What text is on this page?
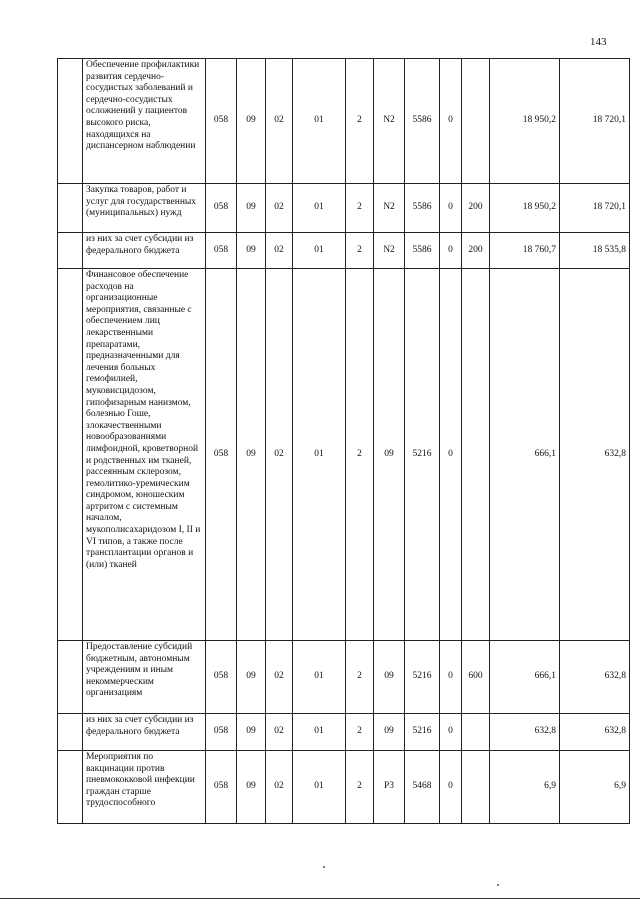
143
	Обеспечение профилактики развития сердечно-сосудистых заболеваний и сердечно-сосудистых осложнений у пациентов высокого риска, находящихся на диспансерном наблюдении	058	09	02	01	2	N2	5586	0		18 950,2	18 720,1
	Закупка товаров, работ и услуг для государственных (муниципальных) нужд	058	09	02	01	2	N2	5586	0	200	18 950,2	18 720,1
	из них за счет субсидии из федерального бюджета	058	09	02	01	2	N2	5586	0	200	18 760,7	18 535,8
	Финансовое обеспечение расходов на организационные мероприятия, связанные с обеспечением лиц лекарственными препаратами, предназначенными для лечения больных гемофилией, муковисцидозом, гипофизарным нанизмом, болезнью Гоше, злокачественными новообразованиями лимфоидной, кроветворной и родственных им тканей, рассеянным склерозом, гемолитико-уремическим синдромом, юношеским артритом с системным началом, мукополисахаридозом I, II и VI типов, а также после трансплантации органов и (или) тканей	058	09	02	01	2	09	5216	0		666,1	632,8
	Предоставление субсидий бюджетным, автономным учреждениям и иным некоммерческим организациям	058	09	02	01	2	09	5216	0	600	666,1	632,8
	из них за счет субсидии из федерального бюджета	058	09	02	01	2	09	5216	0		632,8	632,8
	Мероприятия по вакцинации против пневмококковой инфекции граждан старше трудоспособного	058	09	02	01	2	P3	5468	0		6,9	6,9
